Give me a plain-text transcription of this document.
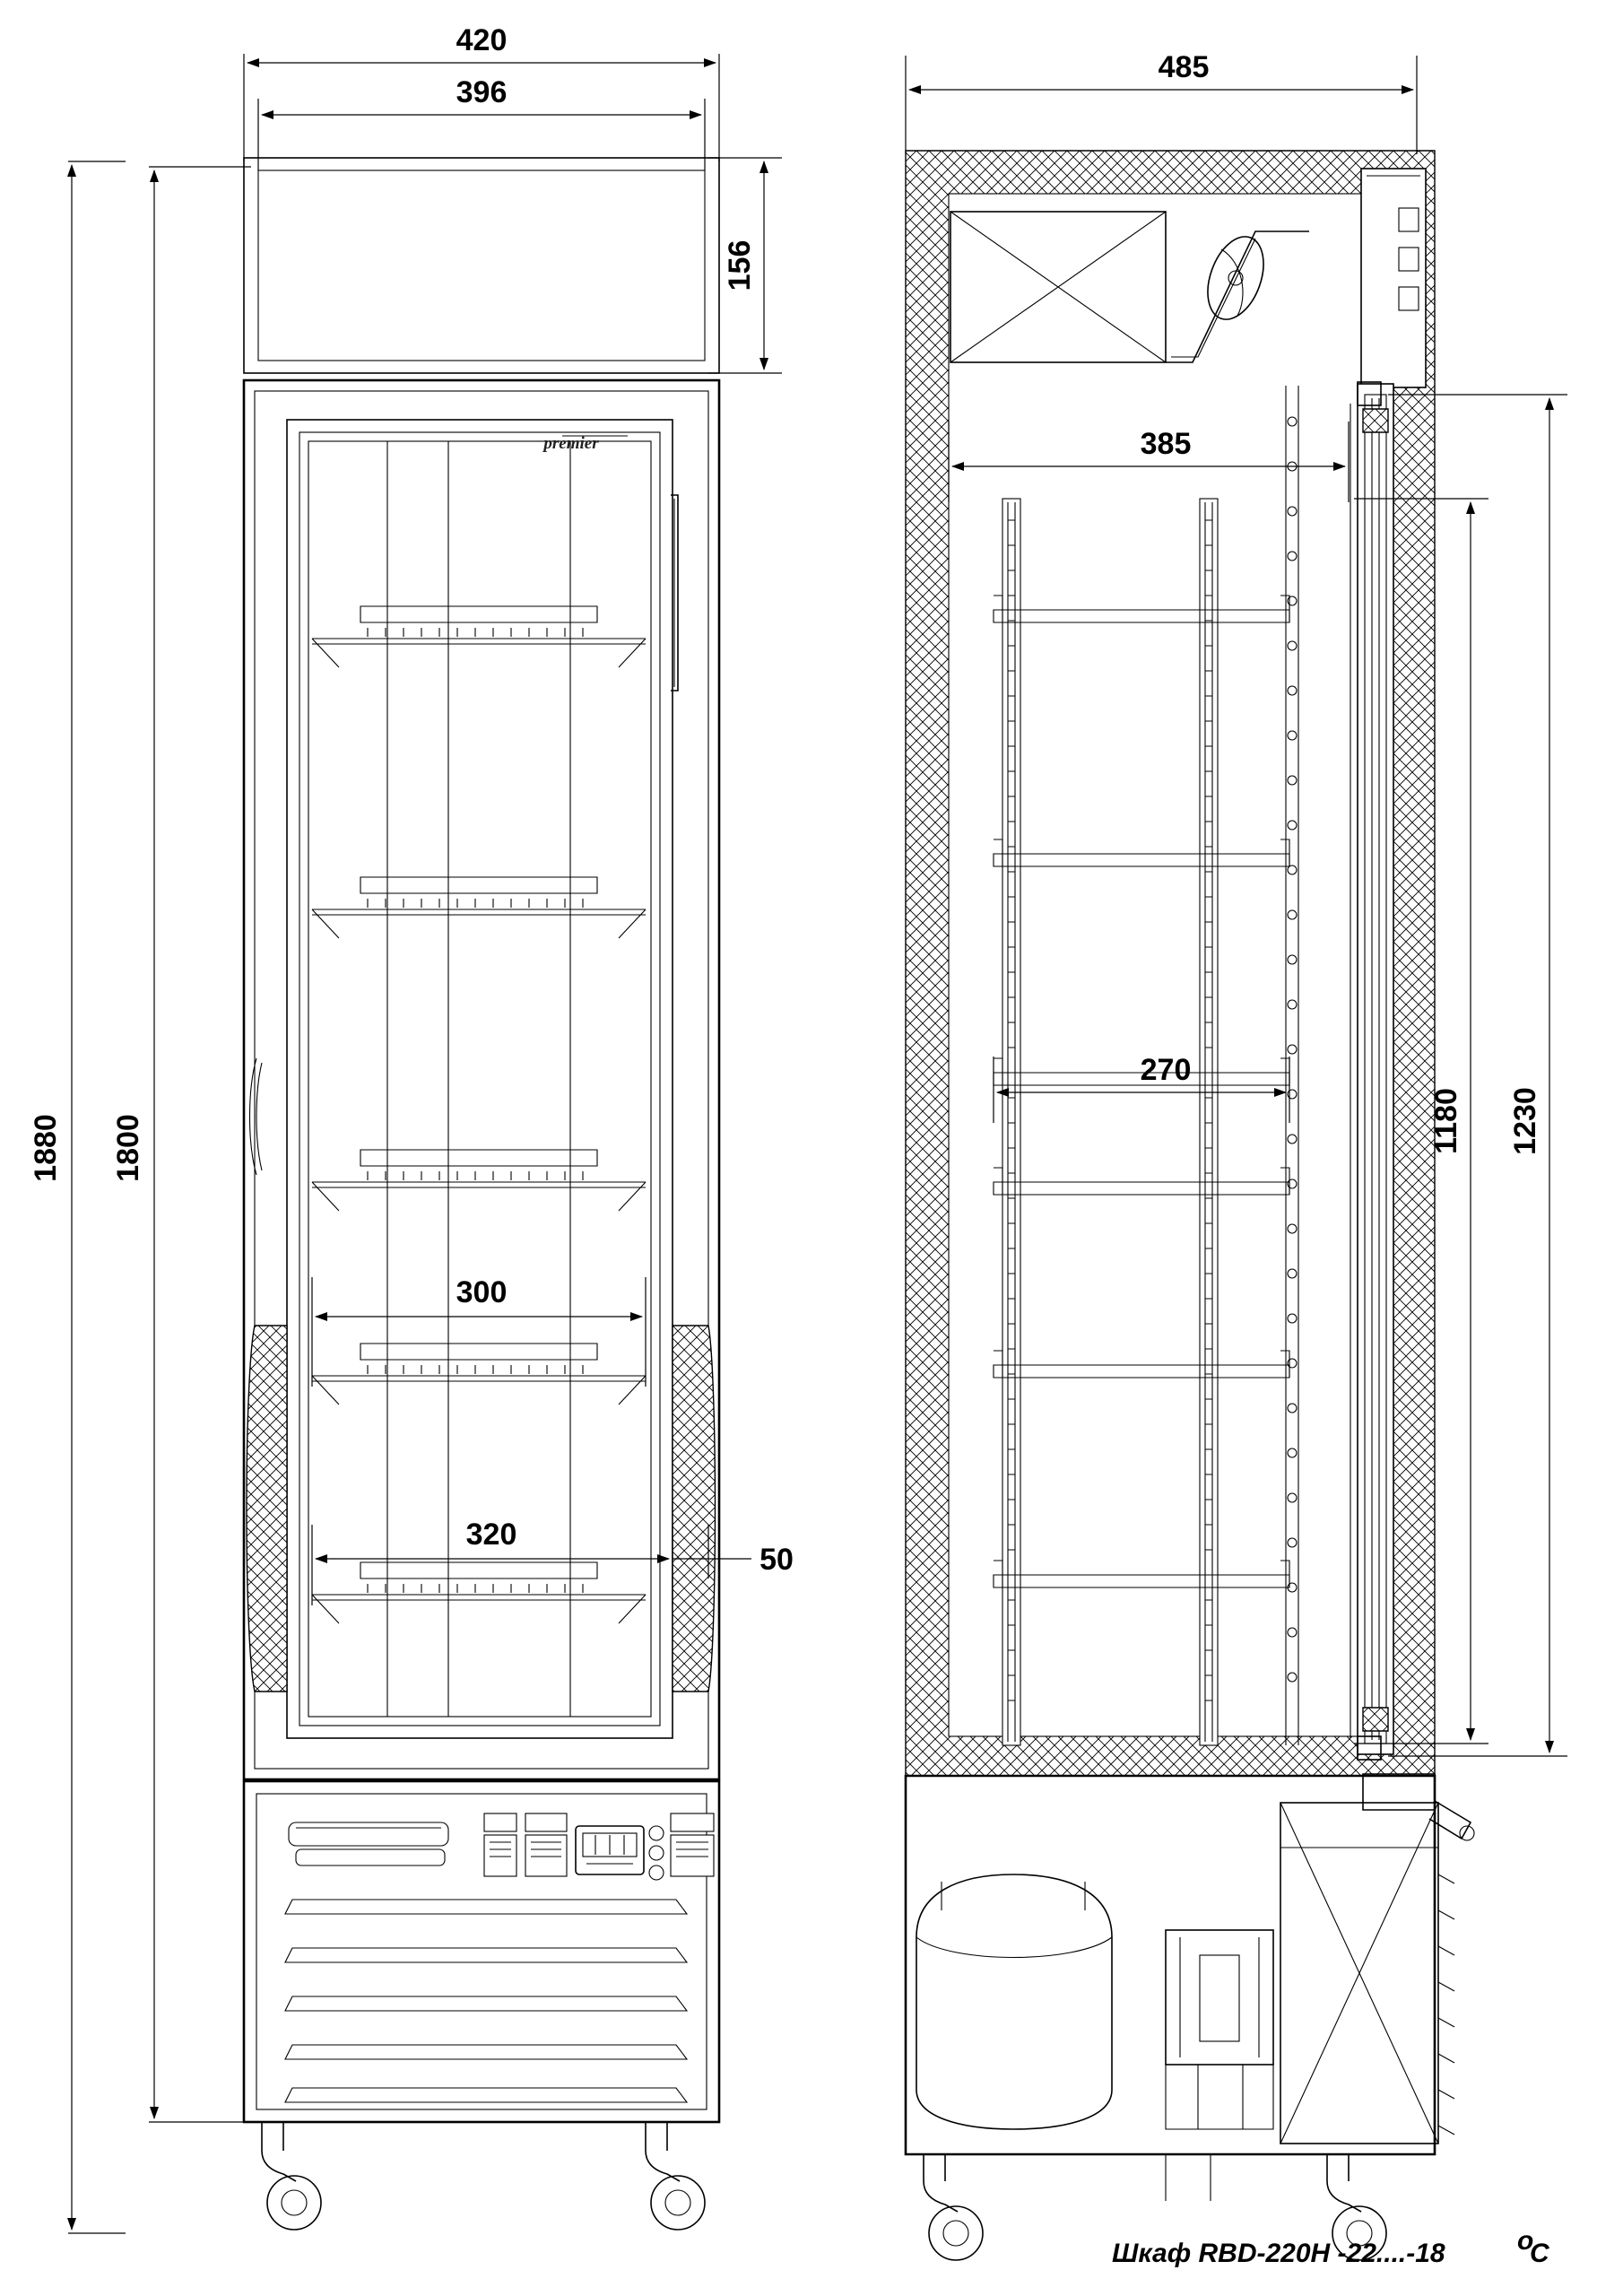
premier
420
396
156
1880 1800
300
320
50
485
385
270
1180 1230
Шкаф RBD-220H -22....-18	o
C
